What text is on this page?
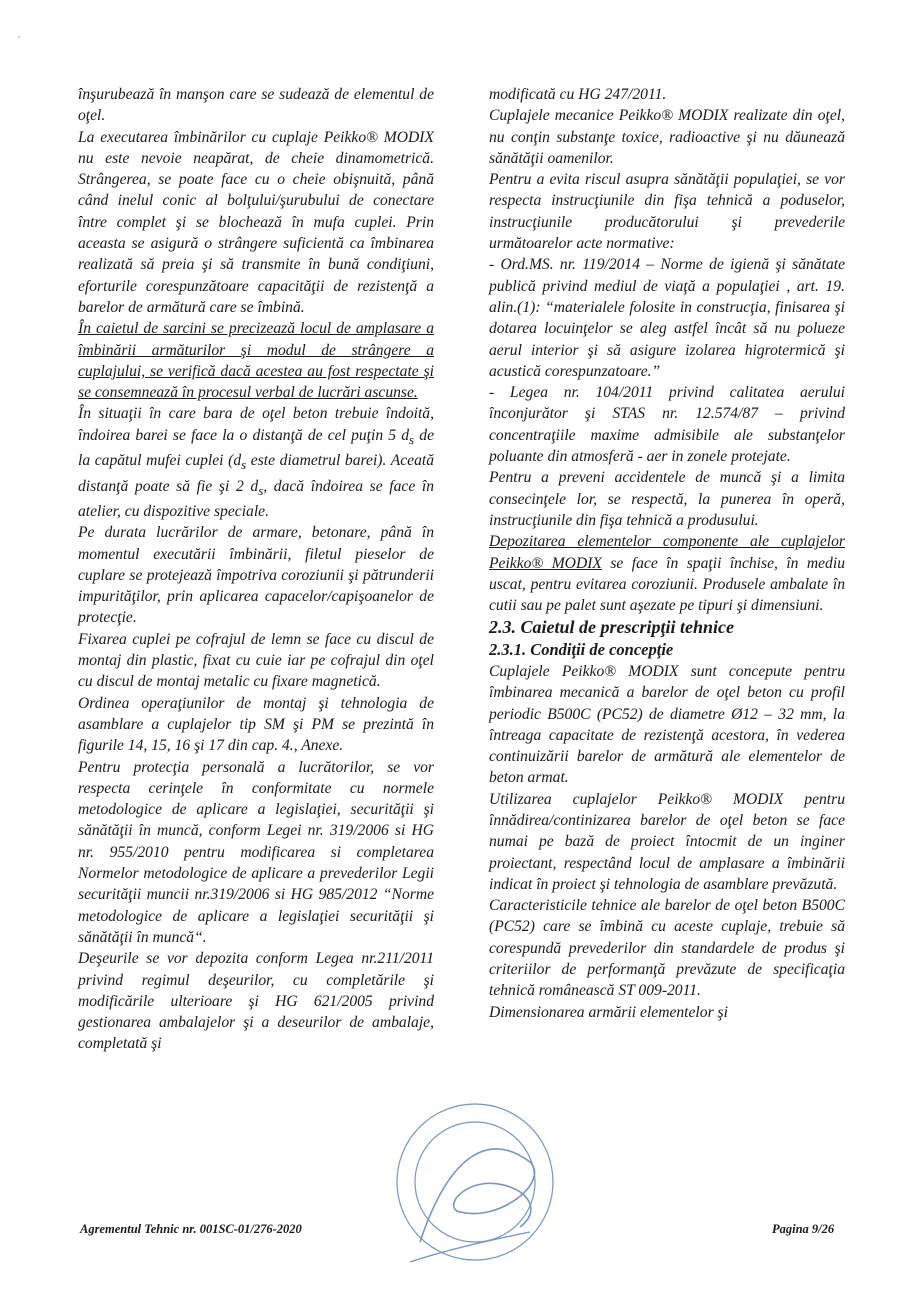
înşurubează în manşon care se sudează de elementul de oţel.

La executarea îmbinărilor cu cuplaje Peikko® MODIX nu este nevoie neapărat, de cheie dinamometrică. Strângerea, se poate face cu o cheie obişnuită, până când inelul conic al bolţului/şurubului de conectare între complet şi se blochează în mufa cuplei. Prin aceasta se asigură o strângere suficientă ca îmbinarea realizată să preia şi să transmite în bună condiţiuni, eforturile corespunzătoare capacităţii de rezistenţă a barelor de armătură care se îmbină.

În caietul de sarcini se precizează locul de amplasare a îmbinării armăturilor şi modul de strângere a cuplajului, se verifică dacă acestea au fost respectate şi se consemnează în procesul verbal de lucrări ascunse.

În situaţii în care bara de oţel beton trebuie îndoită, îndoirea barei se face la o distanţă de cel puţin 5 $d_s$ de la capătul mufei cuplei ($d_s$ este diametrul barei). Aceată distanţă poate să fie şi 2 $d_s$, dacă îndoirea se face în atelier, cu dispozitive speciale.

Pe durata lucrărilor de armare, betonare, până în momentul executării îmbinării, filetul pieselor de cuplare se protejează împotriva coroziunii şi pătrunderii impurităţilor, prin aplicarea capacelor/capişoanelor de protecţie.

Fixarea cuplei pe cofrajul de lemn se face cu discul de montaj din plastic, fixat cu cuie iar pe cofrajul din oţel cu discul de montaj metalic cu fixare magnetică.

Ordinea operaţiunilor de montaj şi tehnologia de asamblare a cuplajelor tip SM şi PM se prezintă în figurile 14, 15, 16 şi 17 din cap. 4., Anexe.

Pentru protecţia personală a lucrătorilor, se vor respecta cerinţele în conformitate cu normele metodologice de aplicare a legislaţiei, securităţii şi sănătăţii în muncă, conform Legei nr. 319/2006 si HG nr. 955/2010 pentru modificarea si completarea Normelor metodologice de aplicare a prevederilor Legii securităţii muncii nr.319/2006 si HG 985/2012 “Norme metodologice de aplicare a legislaţiei securităţii şi sănătăţii în muncă“.

Deşeurile se vor depozita conform Legea nr.211/2011 privind regimul deşeurilor, cu completările şi modificările ulterioare şi HG 621/2005 privind gestionarea ambalajelor şi a deseurilor de ambalaje, completată şi

modificată cu HG 247/2011.

Cuplajele mecanice Peikko® MODIX realizate din oţel, nu conţin substanţe toxice, radioactive şi nu dăunează sănătăţii oamenilor.

Pentru a evita riscul asupra sănătăţii populaţiei, se vor respecta instrucţiunile din fişa tehnică a poduselor, instrucţiunile producătorului şi prevederile următoarelor acte normative:

- Ord.MS. nr. 119/2014 – Norme de igienă şi sănătate publică privind mediul de viaţă a populaţiei , art. 19. alin.(1): “materialele folosite in construcţia, finisarea şi dotarea locuinţelor se aleg astfel încât să nu polueze aerul interior şi să asigure izolarea higrotermică şi acustică corespunzatoare.”

- Legea nr. 104/2011 privind calitatea aerului înconjurător şi STAS nr. 12.574/87 – privind concentraţiile maxime admisibile ale substanţelor poluante din atmosferă - aer in zonele protejate.

Pentru a preveni accidentele de muncă şi a limita consecinţele lor, se respectă, la punerea în operă, instrucţiunile din fişa tehnică a produsului.

Depozitarea elementelor componente ale cuplajelor Peikko® MODIX se face în spaţii închise, în mediu uscat, pentru evitarea coroziunii. Produsele ambalate în cutii sau pe palet sunt aşezate pe tipuri şi dimensiuni.

2.3. Caietul de prescripţii tehnice

2.3.1. Condiţii de concepţie

Cuplajele Peikko® MODIX sunt concepute pentru îmbinarea mecanică a barelor de oţel beton cu profil periodic B500C (PC52) de diametre Ø12 – 32 mm, la întreaga capacitate de rezistenţă acestora, în vederea continuizării barelor de armătură ale elementelor de beton armat.

Utilizarea cuplajelor Peikko® MODIX pentru înnădirea/continizarea barelor de oţel beton se face numai pe bază de proiect întocmit de un inginer proiectant, respectând locul de amplasare a îmbinării indicat în proiect şi tehnologia de asamblare prevăzută.

Caracteristicile tehnice ale barelor de oţel beton B500C (PC52) care se îmbină cu aceste cuplaje, trebuie să corespundă prevederilor din standardele de produs şi criteriilor de performanţă prevăzute de specificaţia tehnică românească ST 009-2011.

Dimensionarea armării elementelor şi

Agrementul Tehnic nr. 001SC-01/276-2020	Pagina 9/26
